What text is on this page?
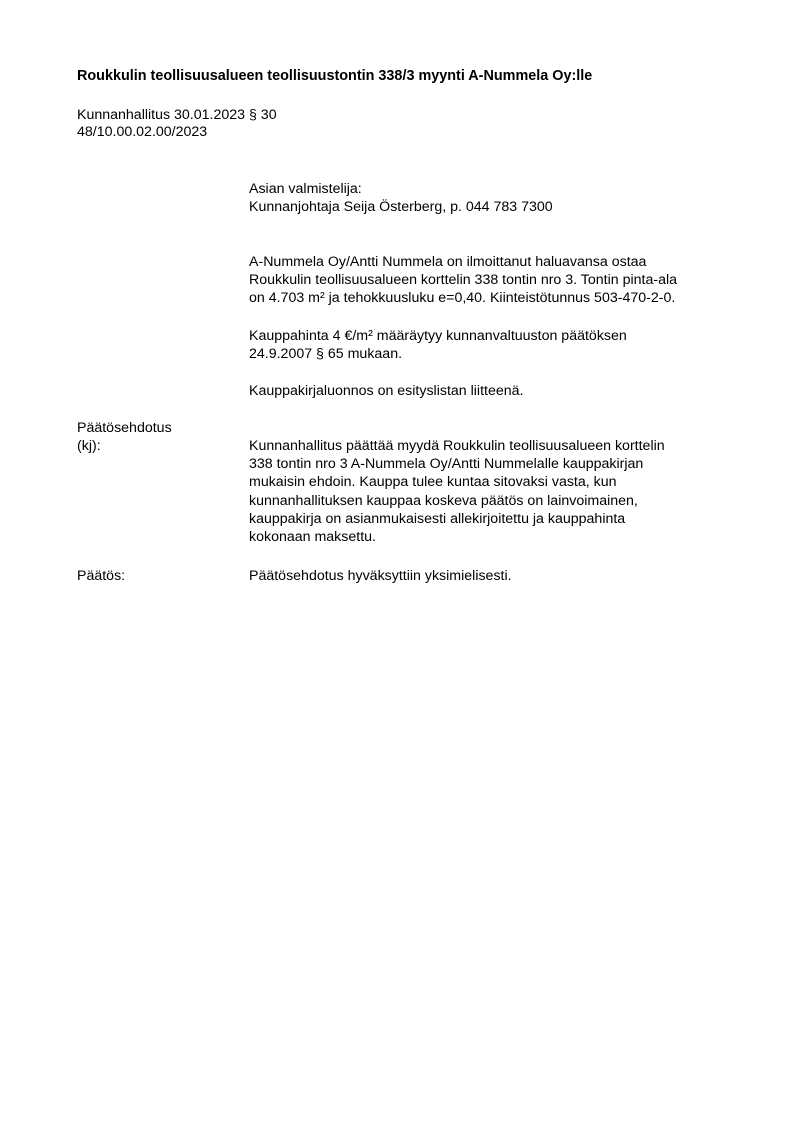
Roukkulin teollisuusalueen teollisuustontin 338/3 myynti A-Nummela Oy:lle
Kunnanhallitus 30.01.2023 § 30
48/10.00.02.00/2023
Asian valmistelija:
Kunnanjohtaja Seija Österberg, p. 044 783 7300
A-Nummela Oy/Antti Nummela on ilmoittanut haluavansa ostaa
Roukkulin teollisuusalueen korttelin 338 tontin nro 3. Tontin pinta-ala
on 4.703 m² ja tehokkuusluku e=0,40. Kiinteistötunnus 503-470-2-0.
Kauppahinta 4 €/m² määräytyy kunnanvaltuuston päätöksen
24.9.2007 § 65 mukaan.
Kauppakirjaluonnos on esityslistan liitteenä.
Päätösehdotus
(kj):	Kunnanhallitus päättää myydä Roukkulin teollisuusalueen korttelin
338 tontin nro 3 A-Nummela Oy/Antti Nummelalle kauppakirjan
mukaisin ehdoin. Kauppa tulee kuntaa sitovaksi vasta, kun
kunnanhallituksen kauppaa koskeva päätös on lainvoimainen,
kauppakirja on asianmukaisesti allekirjoitettu ja kauppahinta
kokonaan maksettu.
Päätös:	Päätösehdotus hyväksyttiin yksimielisesti.
